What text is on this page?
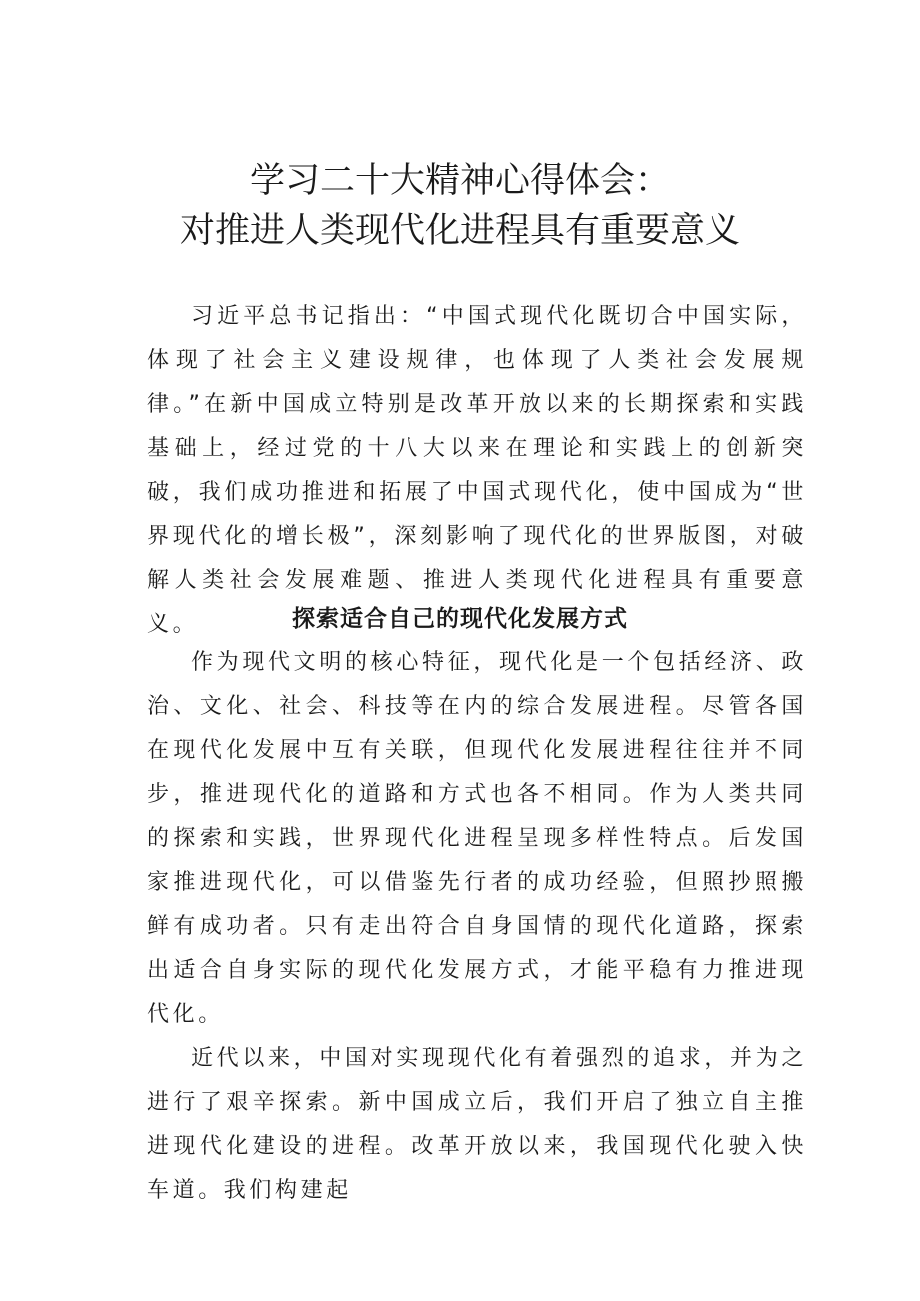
学习二十大精神心得体会：
对推进人类现代化进程具有重要意义

习近平总书记指出：“中国式现代化既切合中国实际，体现了社会主义建设规律，也体现了人类社会发展规律。”在新中国成立特别是改革开放以来的长期探索和实践基础上，经过党的十八大以来在理论和实践上的创新突破，我们成功推进和拓展了中国式现代化，使中国成为“世界现代化的增长极”，深刻影响了现代化的世界版图，对破解人类社会发展难题、推进人类现代化进程具有重要意义。	探索适合自己的现代化发展方式

作为现代文明的核心特征，现代化是一个包括经济、政治、文化、社会、科技等在内的综合发展进程。尽管各国在现代化发展中互有关联，但现代化发展进程往往并不同步，推进现代化的道路和方式也各不相同。作为人类共同的探索和实践，世界现代化进程呈现多样性特点。后发国家推进现代化，可以借鉴先行者的成功经验，但照抄照搬鲜有成功者。只有走出符合自身国情的现代化道路，探索出适合自身实际的现代化发展方式，才能平稳有力推进现代化。

近代以来，中国对实现现代化有着强烈的追求，并为之进行了艰辛探索。新中国成立后，我们开启了独立自主推进现代化建设的进程。改革开放以来，我国现代化驶入快车道。我们构建起
